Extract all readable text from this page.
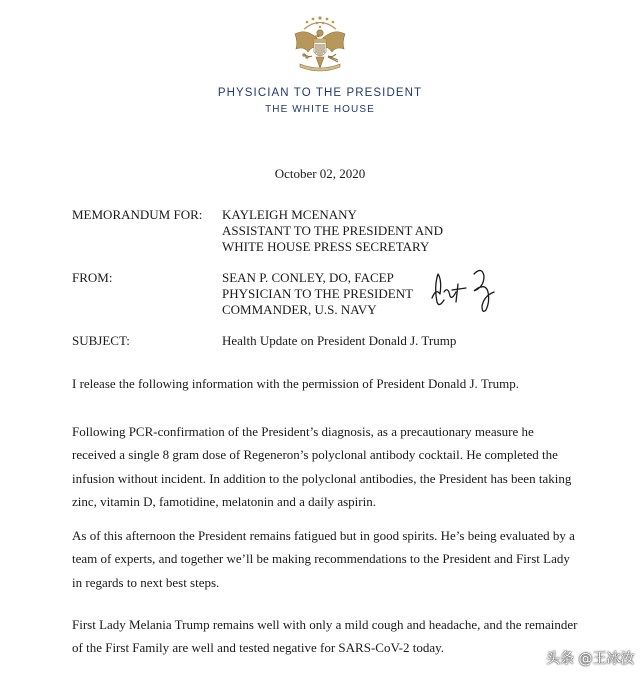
PHYSICIAN TO THE PRESIDENT
THE WHITE HOUSE
October 02, 2020
MEMORANDUM FOR: KAYLEIGH MCENANY
ASSISTANT TO THE PRESIDENT AND
WHITE HOUSE PRESS SECRETARY
FROM:	SEAN P. CONLEY, DO, FACEP
PHYSICIAN TO THE PRESIDENT
COMMANDER, U.S. NAVY
SUBJECT:	Health Update on President Donald J. Trump

I release the following information with the permission of President Donald J. Trump.

Following PCR-confirmation of the President’s diagnosis, as a precautionary measure he
received a single 8 gram dose of Regeneron’s polyclonal antibody cocktail. He completed the
infusion without incident. In addition to the polyclonal antibodies, the President has been taking
zinc, vitamin D, famotidine, melatonin and a daily aspirin.

As of this afternoon the President remains fatigued but in good spirits. He’s being evaluated by a
team of experts, and together we’ll be making recommendations to the President and First Lady
in regards to next best steps.

First Lady Melania Trump remains well with only a mild cough and headache, and the remainder
of the First Family are well and tested negative for SARS-CoV-2 today.

头条 @王冰汝
